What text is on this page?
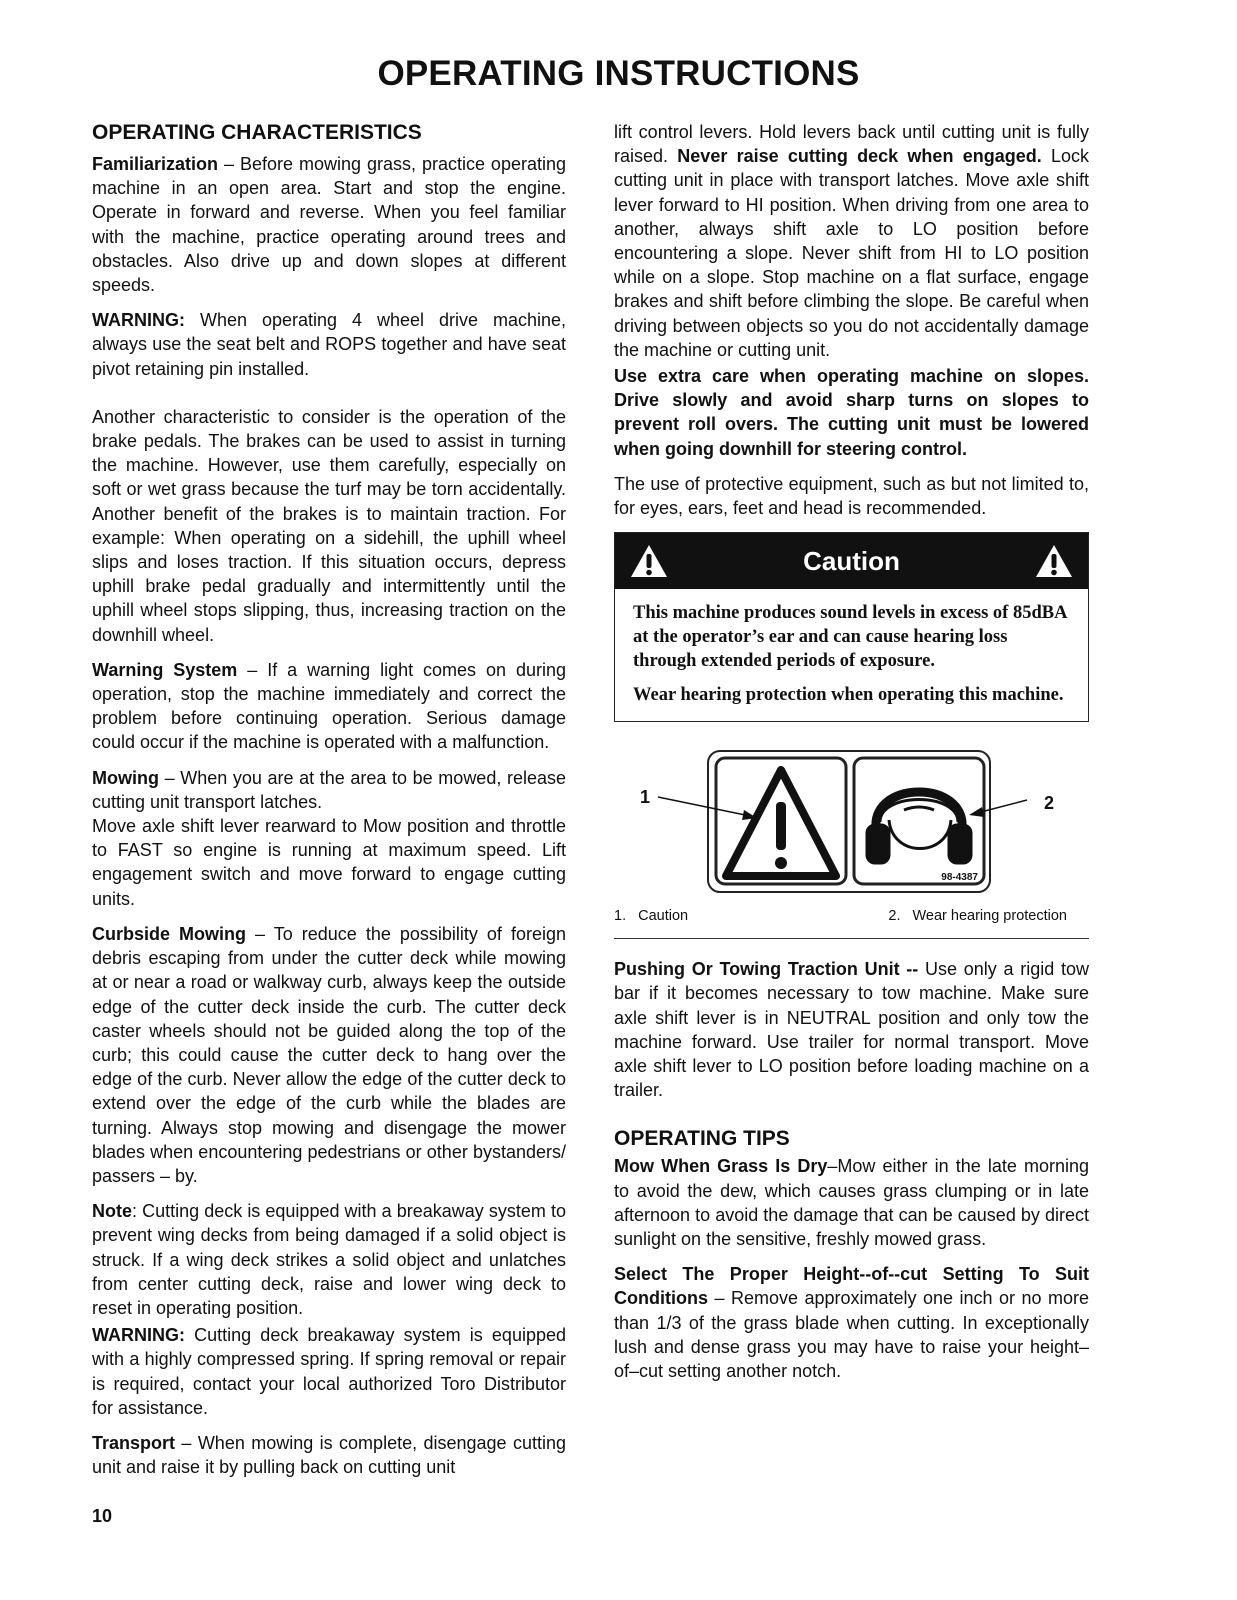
OPERATING INSTRUCTIONS
OPERATING CHARACTERISTICS

Familiarization – Before mowing grass, practice operating machine in an open area. Start and stop the engine. Operate in forward and reverse. When you feel familiar with the machine, practice operating around trees and obstacles. Also drive up and down slopes at different speeds.

WARNING: When operating 4 wheel drive machine, always use the seat belt and ROPS together and have seat pivot retaining pin installed.

Another characteristic to consider is the operation of the brake pedals. The brakes can be used to assist in turning the machine. However, use them carefully, especially on soft or wet grass because the turf may be torn accidentally. Another benefit of the brakes is to maintain traction. For example: When operating on a sidehill, the uphill wheel slips and loses traction. If this situation occurs, depress uphill brake pedal gradually and intermittently until the uphill wheel stops slipping, thus, increasing traction on the downhill wheel.

Warning System – If a warning light comes on during operation, stop the machine immediately and correct the problem before continuing operation. Serious damage could occur if the machine is operated with a malfunction.

Mowing – When you are at the area to be mowed, release cutting unit transport latches.

Move axle shift lever rearward to Mow position and throttle to FAST so engine is running at maximum speed. Lift engagement switch and move forward to engage cutting units.

Curbside Mowing – To reduce the possibility of foreign debris escaping from under the cutter deck while mowing at or near a road or walkway curb, always keep the outside edge of the cutter deck inside the curb. The cutter deck caster wheels should not be guided along the top of the curb; this could cause the cutter deck to hang over the edge of the curb. Never allow the edge of the cutter deck to extend over the edge of the curb while the blades are turning. Always stop mowing and disengage the mower blades when encountering pedestrians or other bystanders/ passers – by.

Note: Cutting deck is equipped with a breakaway system to prevent wing decks from being damaged if a solid object is struck. If a wing deck strikes a solid object and unlatches from center cutting deck, raise and lower wing deck to reset in operating position.

WARNING: Cutting deck breakaway system is equipped with a highly compressed spring. If spring removal or repair is required, contact your local authorized Toro Distributor for assistance.

Transport – When mowing is complete, disengage cutting unit and raise it by pulling back on cutting unit

lift control levers. Hold levers back until cutting unit is fully raised. Never raise cutting deck when engaged. Lock cutting unit in place with transport latches. Move axle shift lever forward to HI position. When driving from one area to another, always shift axle to LO position before encountering a slope. Never shift from HI to LO position while on a slope. Stop machine on a flat surface, engage brakes and shift before climbing the slope. Be careful when driving between objects so you do not accidentally damage the machine or cutting unit.

Use extra care when operating machine on slopes. Drive slowly and avoid sharp turns on slopes to prevent roll overs. The cutting unit must be lowered when going downhill for steering control.

The use of protective equipment, such as but not limited to, for eyes, ears, feet and head is recommended.

Caution

This machine produces sound levels in excess of 85dBA at the operator’s ear and can cause hearing loss through extended periods of exposure.

Wear hearing protection when operating this machine.

98-4387
1	2
1. Caution	2. Wear hearing protection

Pushing Or Towing Traction Unit -- Use only a rigid tow bar if it becomes necessary to tow machine. Make sure axle shift lever is in NEUTRAL position and only tow the machine forward. Use trailer for normal transport. Move axle shift lever to LO position before loading machine on a trailer.

OPERATING TIPS

Mow When Grass Is Dry–Mow either in the late morning to avoid the dew, which causes grass clumping or in late afternoon to avoid the damage that can be caused by direct sunlight on the sensitive, freshly mowed grass.

Select The Proper Height--of--cut Setting To Suit Conditions – Remove approximately one inch or no more than 1/3 of the grass blade when cutting. In exceptionally lush and dense grass you may have to raise your height–of–cut setting another notch.

10
